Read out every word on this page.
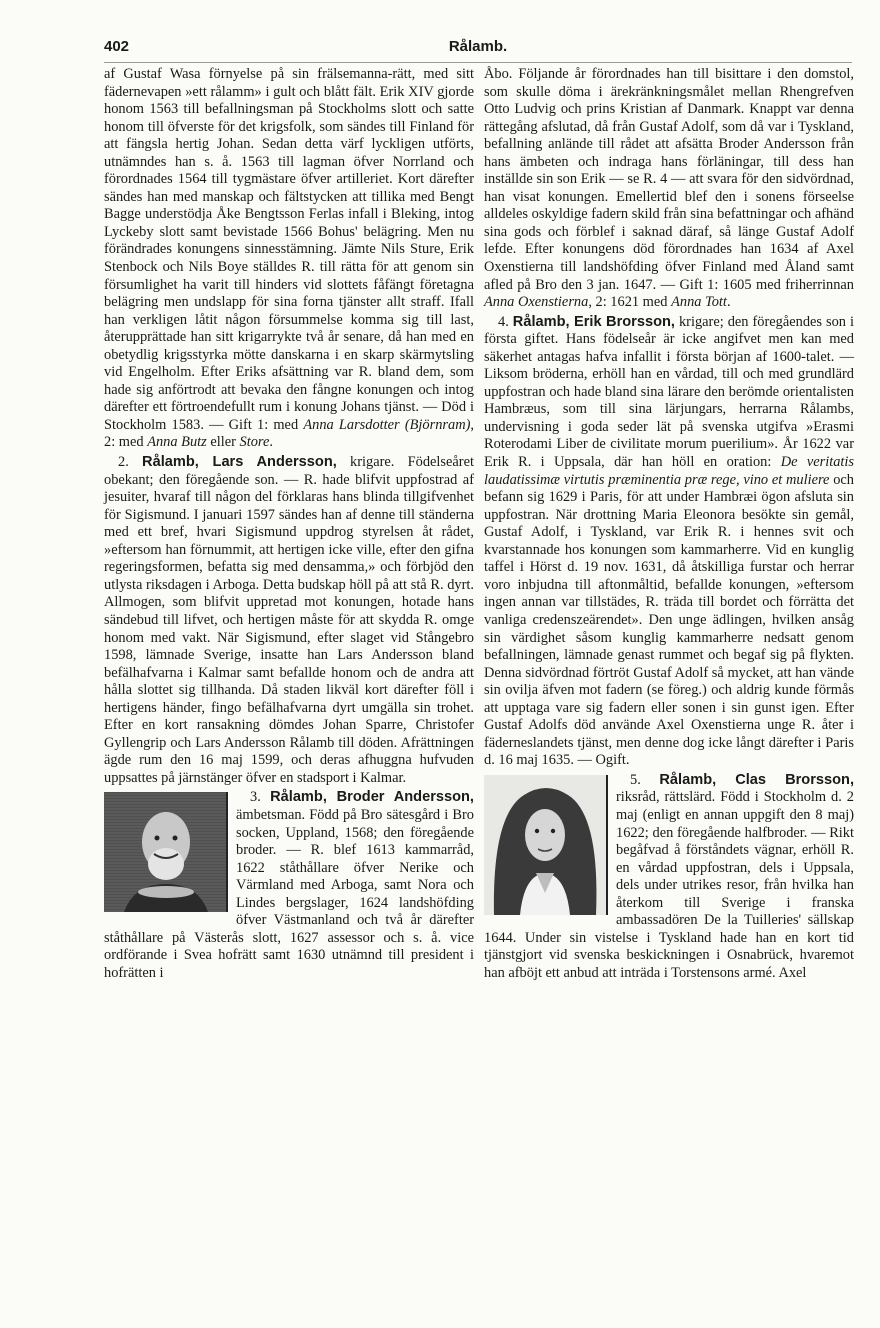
402	Rålamb.

af Gustaf Wasa förnyelse på sin frälsemanna-rätt, med sitt fädernevapen »ett rålamm» i gult och blått fält. Erik XIV gjorde honom 1563 till befallningsman på Stockholms slott och satte honom till öfverste för det krigsfolk, som sändes till Finland för att fängsla hertig Johan. Sedan detta värf lyckligen utförts, utnämndes han s. å. 1563 till lagman öfver Norrland och förordnades 1564 till tygmästare öfver artilleriet. Kort därefter sändes han med manskap och fältstycken att tillika med Bengt Bagge understödja Åke Bengtsson Ferlas infall i Bleking, intog Lyckeby slott samt bevistade 1566 Bohus' belägring. Men nu förändrades konungens sinnesstämning. Jämte Nils Sture, Erik Stenbock och Nils Boye ställdes R. till rätta för att genom sin försumlighet ha varit till hinders vid slottets fåfängt företagna belägring men undslapp för sina forna tjänster allt straff. Ifall han verkligen låtit någon försummelse komma sig till last, återupprättade han sitt krigarrykte två år senare, då han med en obetydlig krigsstyrka mötte danskarna i en skarp skärmytsling vid Engelholm. Efter Eriks afsättning var R. bland dem, som hade sig anförtrodt att bevaka den fångne konungen och intog därefter ett förtroendefullt rum i konung Johans tjänst. — Död i Stockholm 1583. — Gift 1: med Anna Larsdotter (Björnram), 2: med Anna Butz eller Store.

2. Rålamb, Lars Andersson, krigare. Födelseåret obekant; den föregående son. — R. hade blifvit uppfostrad af jesuiter, hvaraf till någon del förklaras hans blinda tillgifvenhet för Sigismund. I januari 1597 sändes han af denne till ständerna med ett bref, hvari Sigismund uppdrog styrelsen åt rådet, »eftersom han förnummit, att hertigen icke ville, efter den gifna regeringsformen, befatta sig med densamma,» och förbjöd den utlysta riksdagen i Arboga. Detta budskap höll på att stå R. dyrt. Allmogen, som blifvit uppretad mot konungen, hotade hans sändebud till lifvet, och hertigen måste för att skydda R. omge honom med vakt. När Sigismund, efter slaget vid Stångebro 1598, lämnade Sverige, insatte han Lars Andersson bland befälhafvarna i Kalmar samt befallde honom och de andra att hålla slottet sig tillhanda. Då staden likväl kort därefter föll i hertigens händer, fingo befälhafvarna dyrt umgälla sin trohet. Efter en kort ransakning dömdes Johan Sparre, Christofer Gyllengrip och Lars Andersson Rålamb till döden. Afrättningen ägde rum den 16 maj 1599, och deras afhuggna hufvuden uppsattes på järnstänger öfver en stadsport i Kalmar.

3. Rålamb, Broder Andersson,
ämbetsman. Född på Bro sätesgård i Bro socken, Uppland, 1568; den föregående broder. — R. blef 1613 kammarråd, 1622 ståthållare öfver Nerike och Värmland med Arboga, samt Nora och Lindes bergslager, 1624 landshöfding öfver Västmanland och två år därefter ståthållare på Västerås slott, 1627 assessor och s. å. vice ordförande i Svea hofrätt samt 1630 utnämnd till president i hofrätten i

Åbo. Följande år förordnades han till bisittare i den domstol, som skulle döma i ärekränkningsmålet mellan Rhengrefven Otto Ludvig och prins Kristian af Danmark. Knappt var denna rättegång afslutad, då från Gustaf Adolf, som då var i Tyskland, befallning anlände till rådet att afsätta Broder Andersson från hans ämbeten och indraga hans förläningar, till dess han inställde sin son Erik — se R. 4 — att svara för den sidvördnad, han visat konungen. Emellertid blef den i sonens förseelse alldeles oskyldige fadern skild från sina befattningar och afhänd sina gods och förblef i saknad däraf, så länge Gustaf Adolf lefde. Efter konungens död förordnades han 1634 af Axel Oxenstierna till landshöfding öfver Finland med Åland samt afled på Bro den 3 jan. 1647. — Gift 1: 1605 med friherrinnan Anna Oxenstierna, 2: 1621 med Anna Tott.

4. Rålamb, Erik Brorsson, krigare; den föregåendes son i första giftet. Hans födelseår är icke angifvet men kan med säkerhet antagas hafva infallit i första början af 1600-talet. — Liksom bröderna, erhöll han en vårdad, till och med grundlärd uppfostran och hade bland sina lärare den berömde orientalisten Hambræus, som till sina lärjungars, herrarna Rålambs, undervisning i goda seder lät på svenska utgifva »Erasmi Roterodami Liber de civilitate morum puerilium». År 1622 var Erik R. i Uppsala, där han höll en oration: De veritatis laudatissimæ virtutis præminentia præ rege, vino et muliere och befann sig 1629 i Paris, för att under Hambræi ögon afsluta sin uppfostran. När drottning Maria Eleonora besökte sin gemål, Gustaf Adolf, i Tyskland, var Erik R. i hennes svit och kvarstannade hos konungen som kammarherre. Vid en kunglig taffel i Hörst d. 19 nov. 1631, då åtskilliga furstar och herrar voro inbjudna till aftonmåltid, befallde konungen, »eftersom ingen annan var tillstädes, R. träda till bordet och förrätta det vanliga credenszeärendet». Den unge ädlingen, hvilken ansåg sin värdighet såsom kunglig kammarherre nedsatt genom befallningen, lämnade genast rummet och begaf sig på flykten. Denna sidvördnad förtröt Gustaf Adolf så mycket, att han vände sin ovilja äfven mot fadern (se föreg.) och aldrig kunde förmås att upptaga vare sig fadern eller sonen i sin gunst igen. Efter Gustaf Adolfs död använde Axel Oxenstierna unge R. åter i fäderneslandets tjänst, men denne dog icke långt därefter i Paris d. 16 maj 1635. — Ogift.

5. Rålamb, Clas Brorsson,
riksråd, rättslärd. Född i Stockholm d. 2 maj (enligt en annan uppgift den 8 maj) 1622; den föregående halfbroder. — Rikt begåfvad å förståndets vägnar, erhöll R. en vårdad uppfostran, dels i Uppsala, dels under utrikes resor, från hvilka han återkom till Sverige i franska ambassadören De la Tuilleries' sällskap 1644. Under sin vistelse i Tyskland hade han en kort tid tjänstgjort vid svenska beskickningen i Osnabrück, hvaremot han afböjt ett anbud att inträda i Torstensons armé. Axel
